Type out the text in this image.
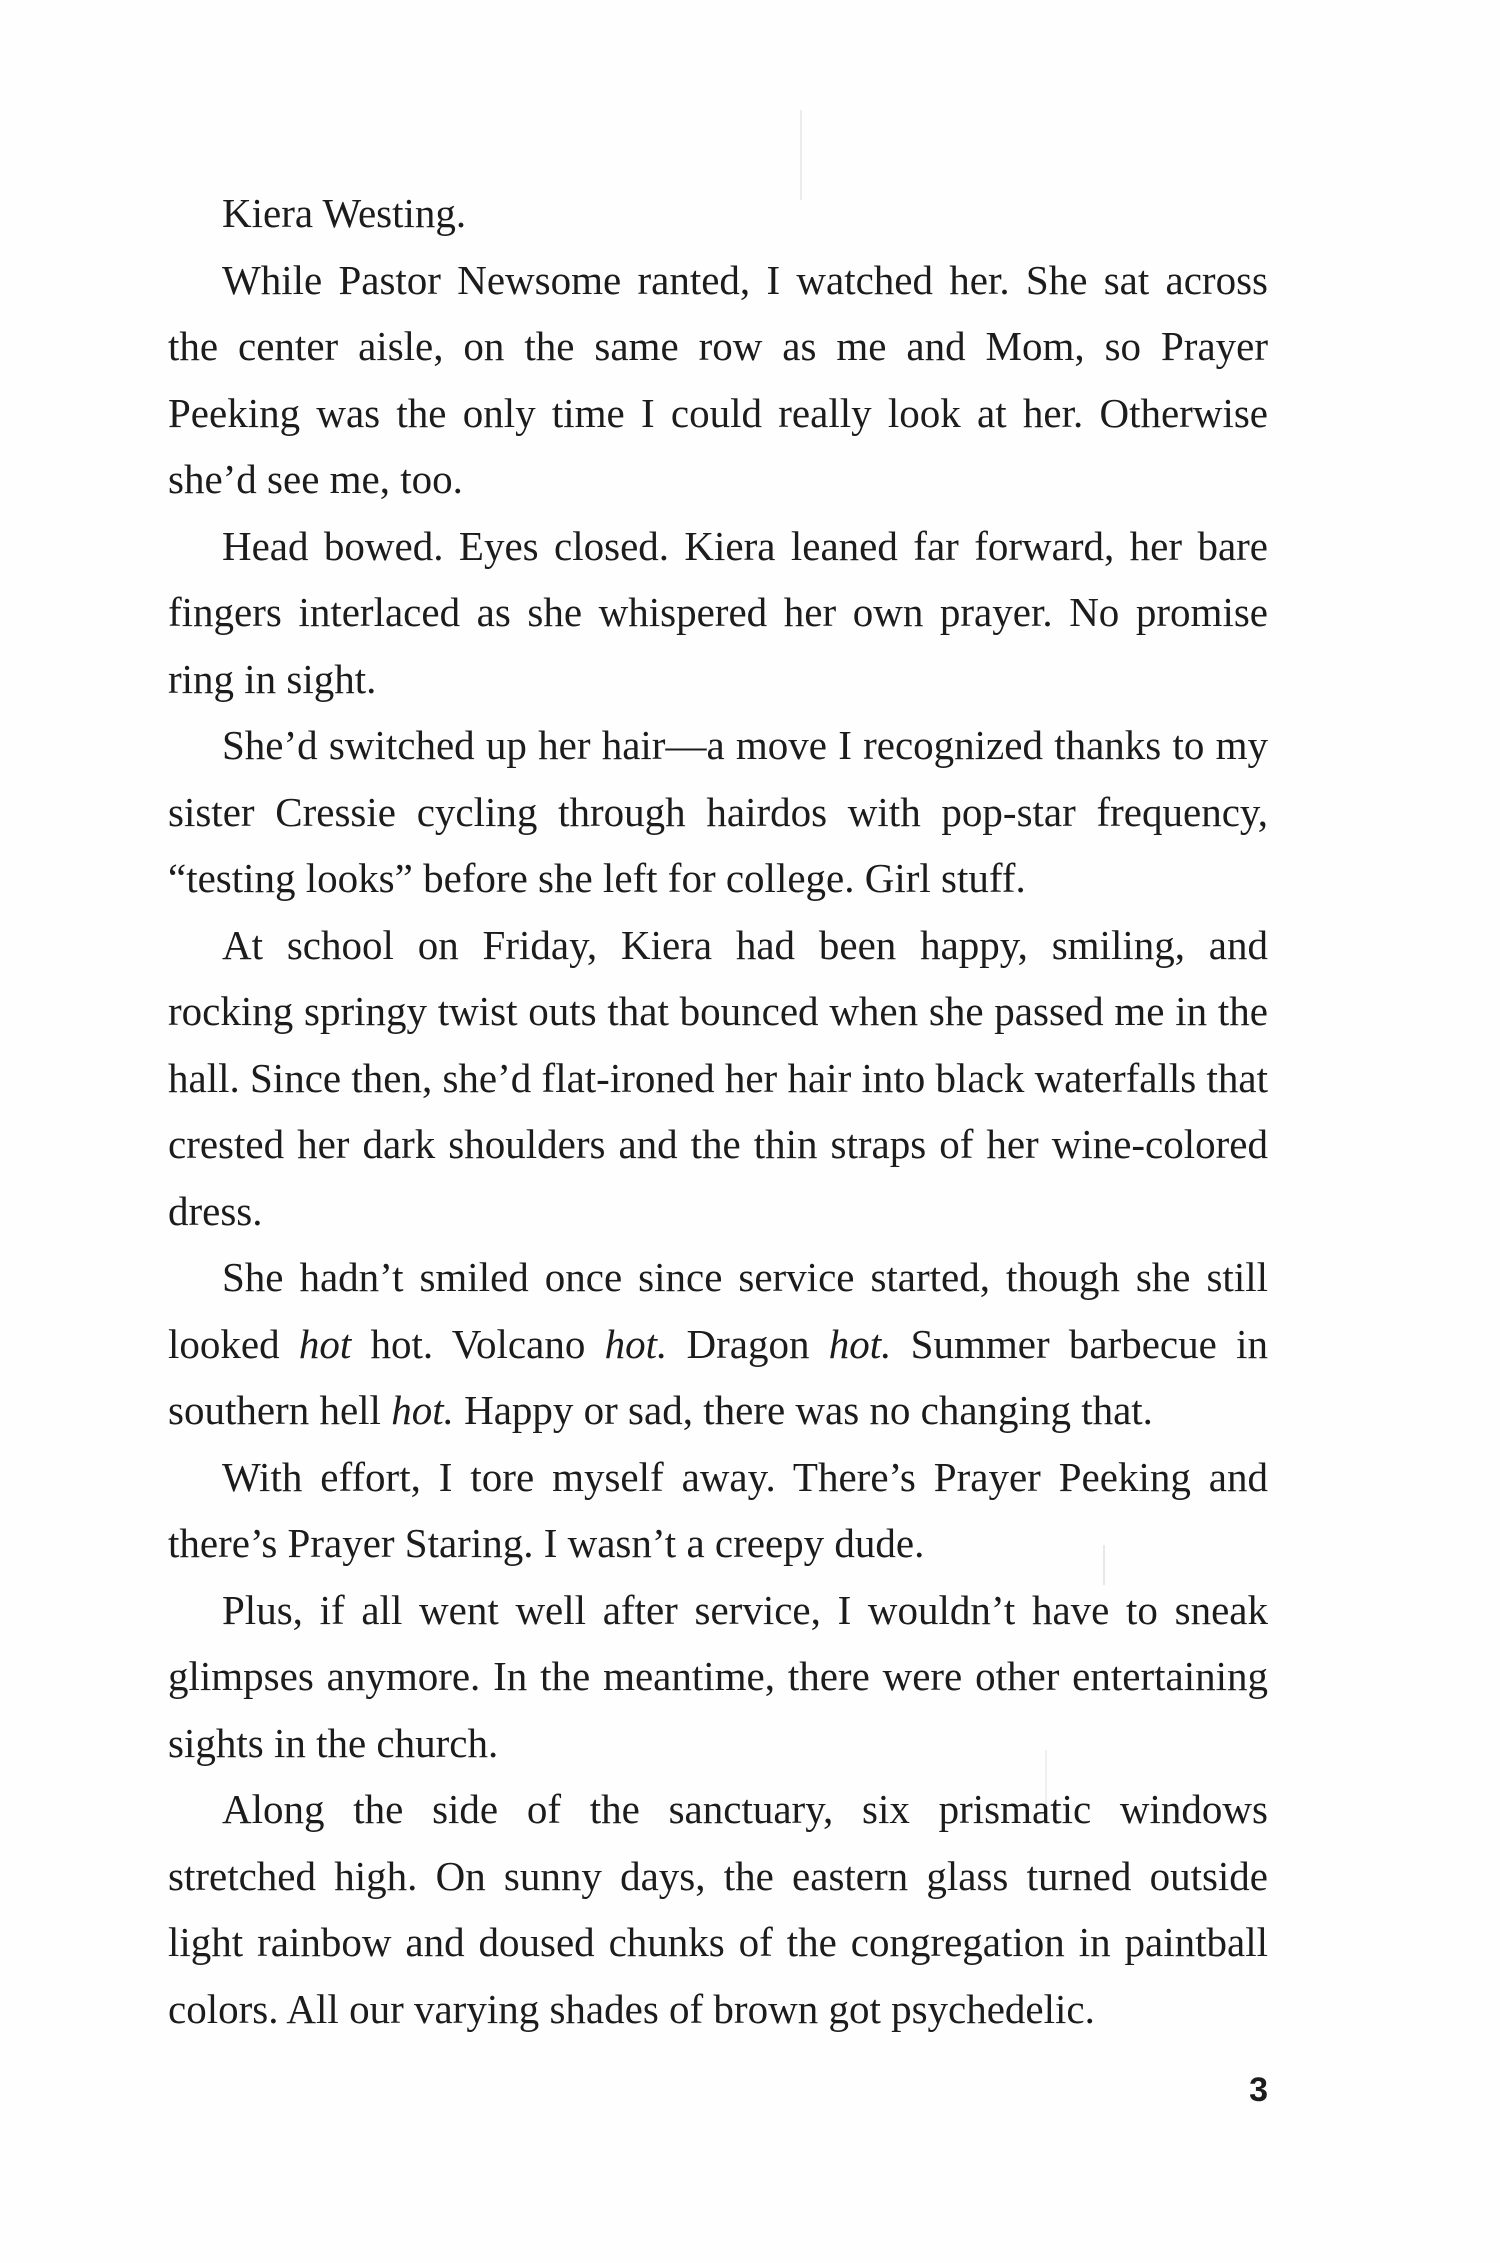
Kiera Westing.

While Pastor Newsome ranted, I watched her. She sat across the center aisle, on the same row as me and Mom, so Prayer Peeking was the only time I could really look at her. Otherwise she’d see me, too.

Head bowed. Eyes closed. Kiera leaned far forward, her bare fingers interlaced as she whispered her own prayer. No promise ring in sight.

She’d switched up her hair—a move I recognized thanks to my sister Cressie cycling through hairdos with pop-star frequency, “testing looks” before she left for college. Girl stuff.

At school on Friday, Kiera had been happy, smiling, and rocking springy twist outs that bounced when she passed me in the hall. Since then, she’d flat-ironed her hair into black waterfalls that crested her dark shoulders and the thin straps of her wine-colored dress.

She hadn’t smiled once since service started, though she still looked hot hot. Volcano hot. Dragon hot. Summer barbecue in southern hell hot. Happy or sad, there was no changing that.

With effort, I tore myself away. There’s Prayer Peeking and there’s Prayer Staring. I wasn’t a creepy dude.

Plus, if all went well after service, I wouldn’t have to sneak glimpses anymore. In the meantime, there were other entertaining sights in the church.

Along the side of the sanctuary, six prismatic windows stretched high. On sunny days, the eastern glass turned outside light rainbow and doused chunks of the congregation in paintball colors. All our varying shades of brown got psychedelic.

3
